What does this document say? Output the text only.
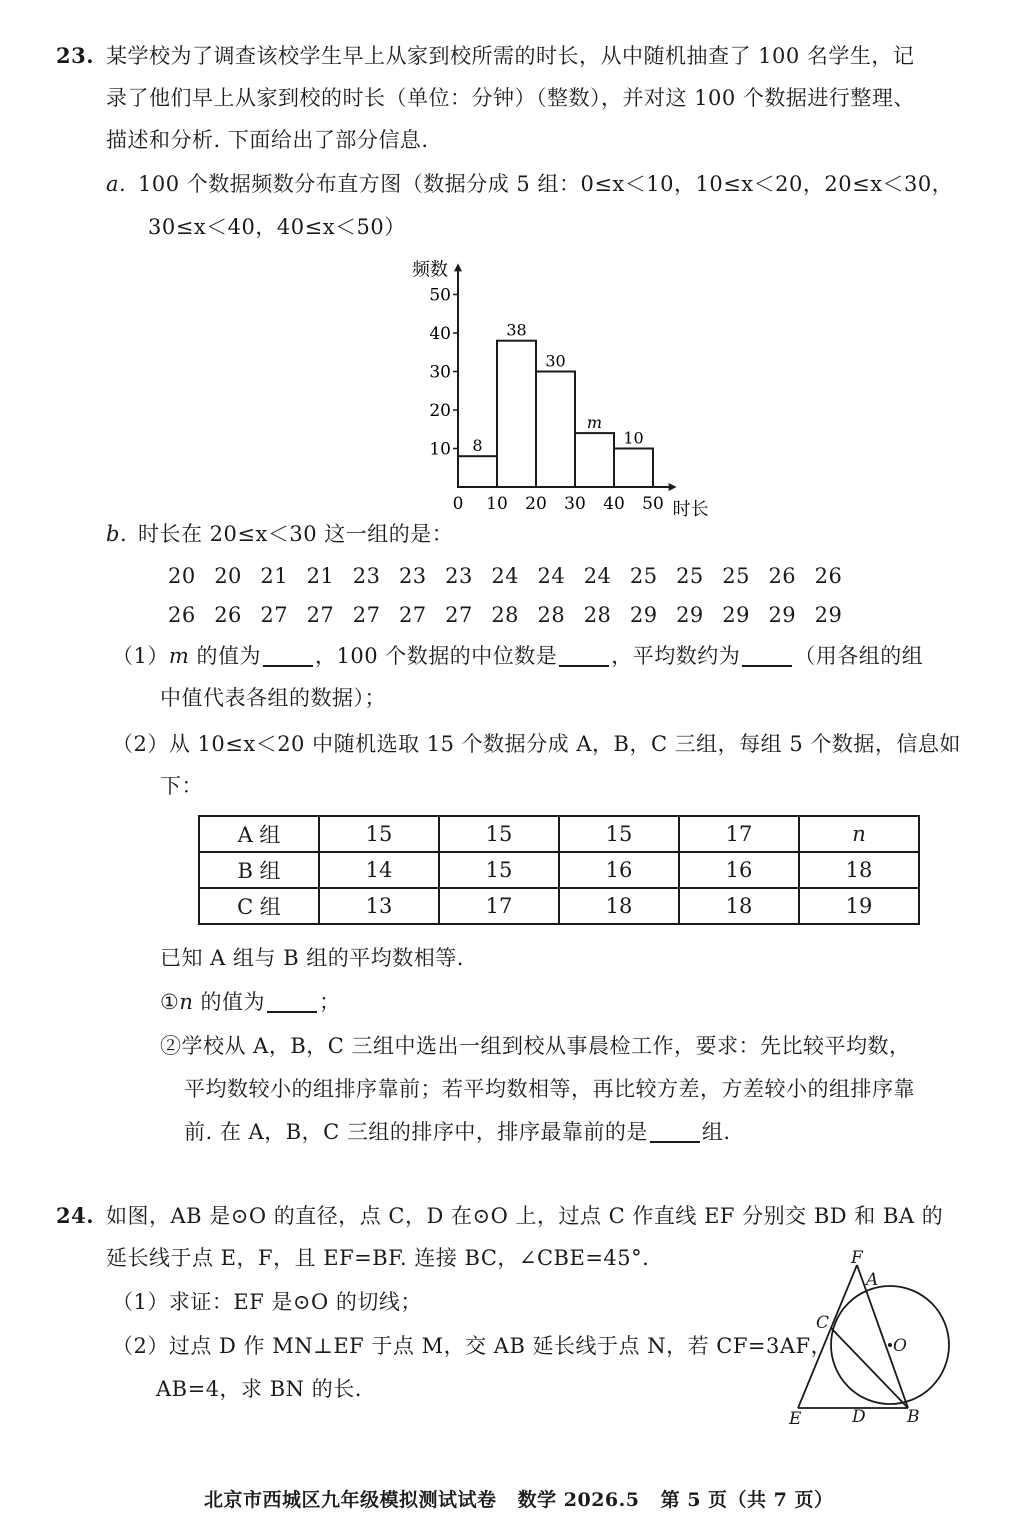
23. 某学校为了调查该校学生早上从家到校所需的时长，从中随机抽查了 100 名学生，记
录了他们早上从家到校的时长（单位：分钟）（整数），并对这 100 个数据进行整理、
描述和分析. 下面给出了部分信息.
a. 100 个数据频数分布直方图（数据分成 5 组：0≤x＜10，10≤x＜20，20≤x＜30，
30≤x＜40，40≤x＜50）
10
20
30
40
50
0 10 20 30 40 50
频数
时长
8
38
30
m
10
b. 时长在 20≤x＜30 这一组的是：
20 20 21 21 23 23 23 24 24 24 25 25 25 26 26
26 26 27 27 27 27 27 28 28 28 29 29 29 29 29
（1）m 的值为	，100 个数据的中位数是	，平均数约为	（用各组的组
中值代表各组的数据）；
（2）从 10≤x＜20 中随机选取 15 个数据分成 A，B，C 三组，每组 5 个数据，信息如
下：
A 组	15	15	15	17	n
B 组	14	15	16	16	18
C 组	13	17	18	18	19
已知 A 组与 B 组的平均数相等.
①n 的值为	；
②学校从 A，B，C 三组中选出一组到校从事晨检工作，要求：先比较平均数，
平均数较小的组排序靠前；若平均数相等，再比较方差，方差较小的组排序靠
前. 在 A，B，C 三组的排序中，排序最靠前的是	组.
24. 如图，AB 是⊙O 的直径，点 C，D 在⊙O 上，过点 C 作直线 EF 分别交 BD 和 BA 的
延长线于点 E，F，且 EF=BF. 连接 BC，∠CBE=45°.
（1）求证：EF 是⊙O 的切线；
（2）过点 D 作 MN⊥EF 于点 M，交 AB 延长线于点 N，若 CF=3AF，
AB=4，求 BN 的长.
F
A
C
O
E	D B
北京市西城区九年级模拟测试试卷 数学 2026.5 第 5 页（共 7 页）
